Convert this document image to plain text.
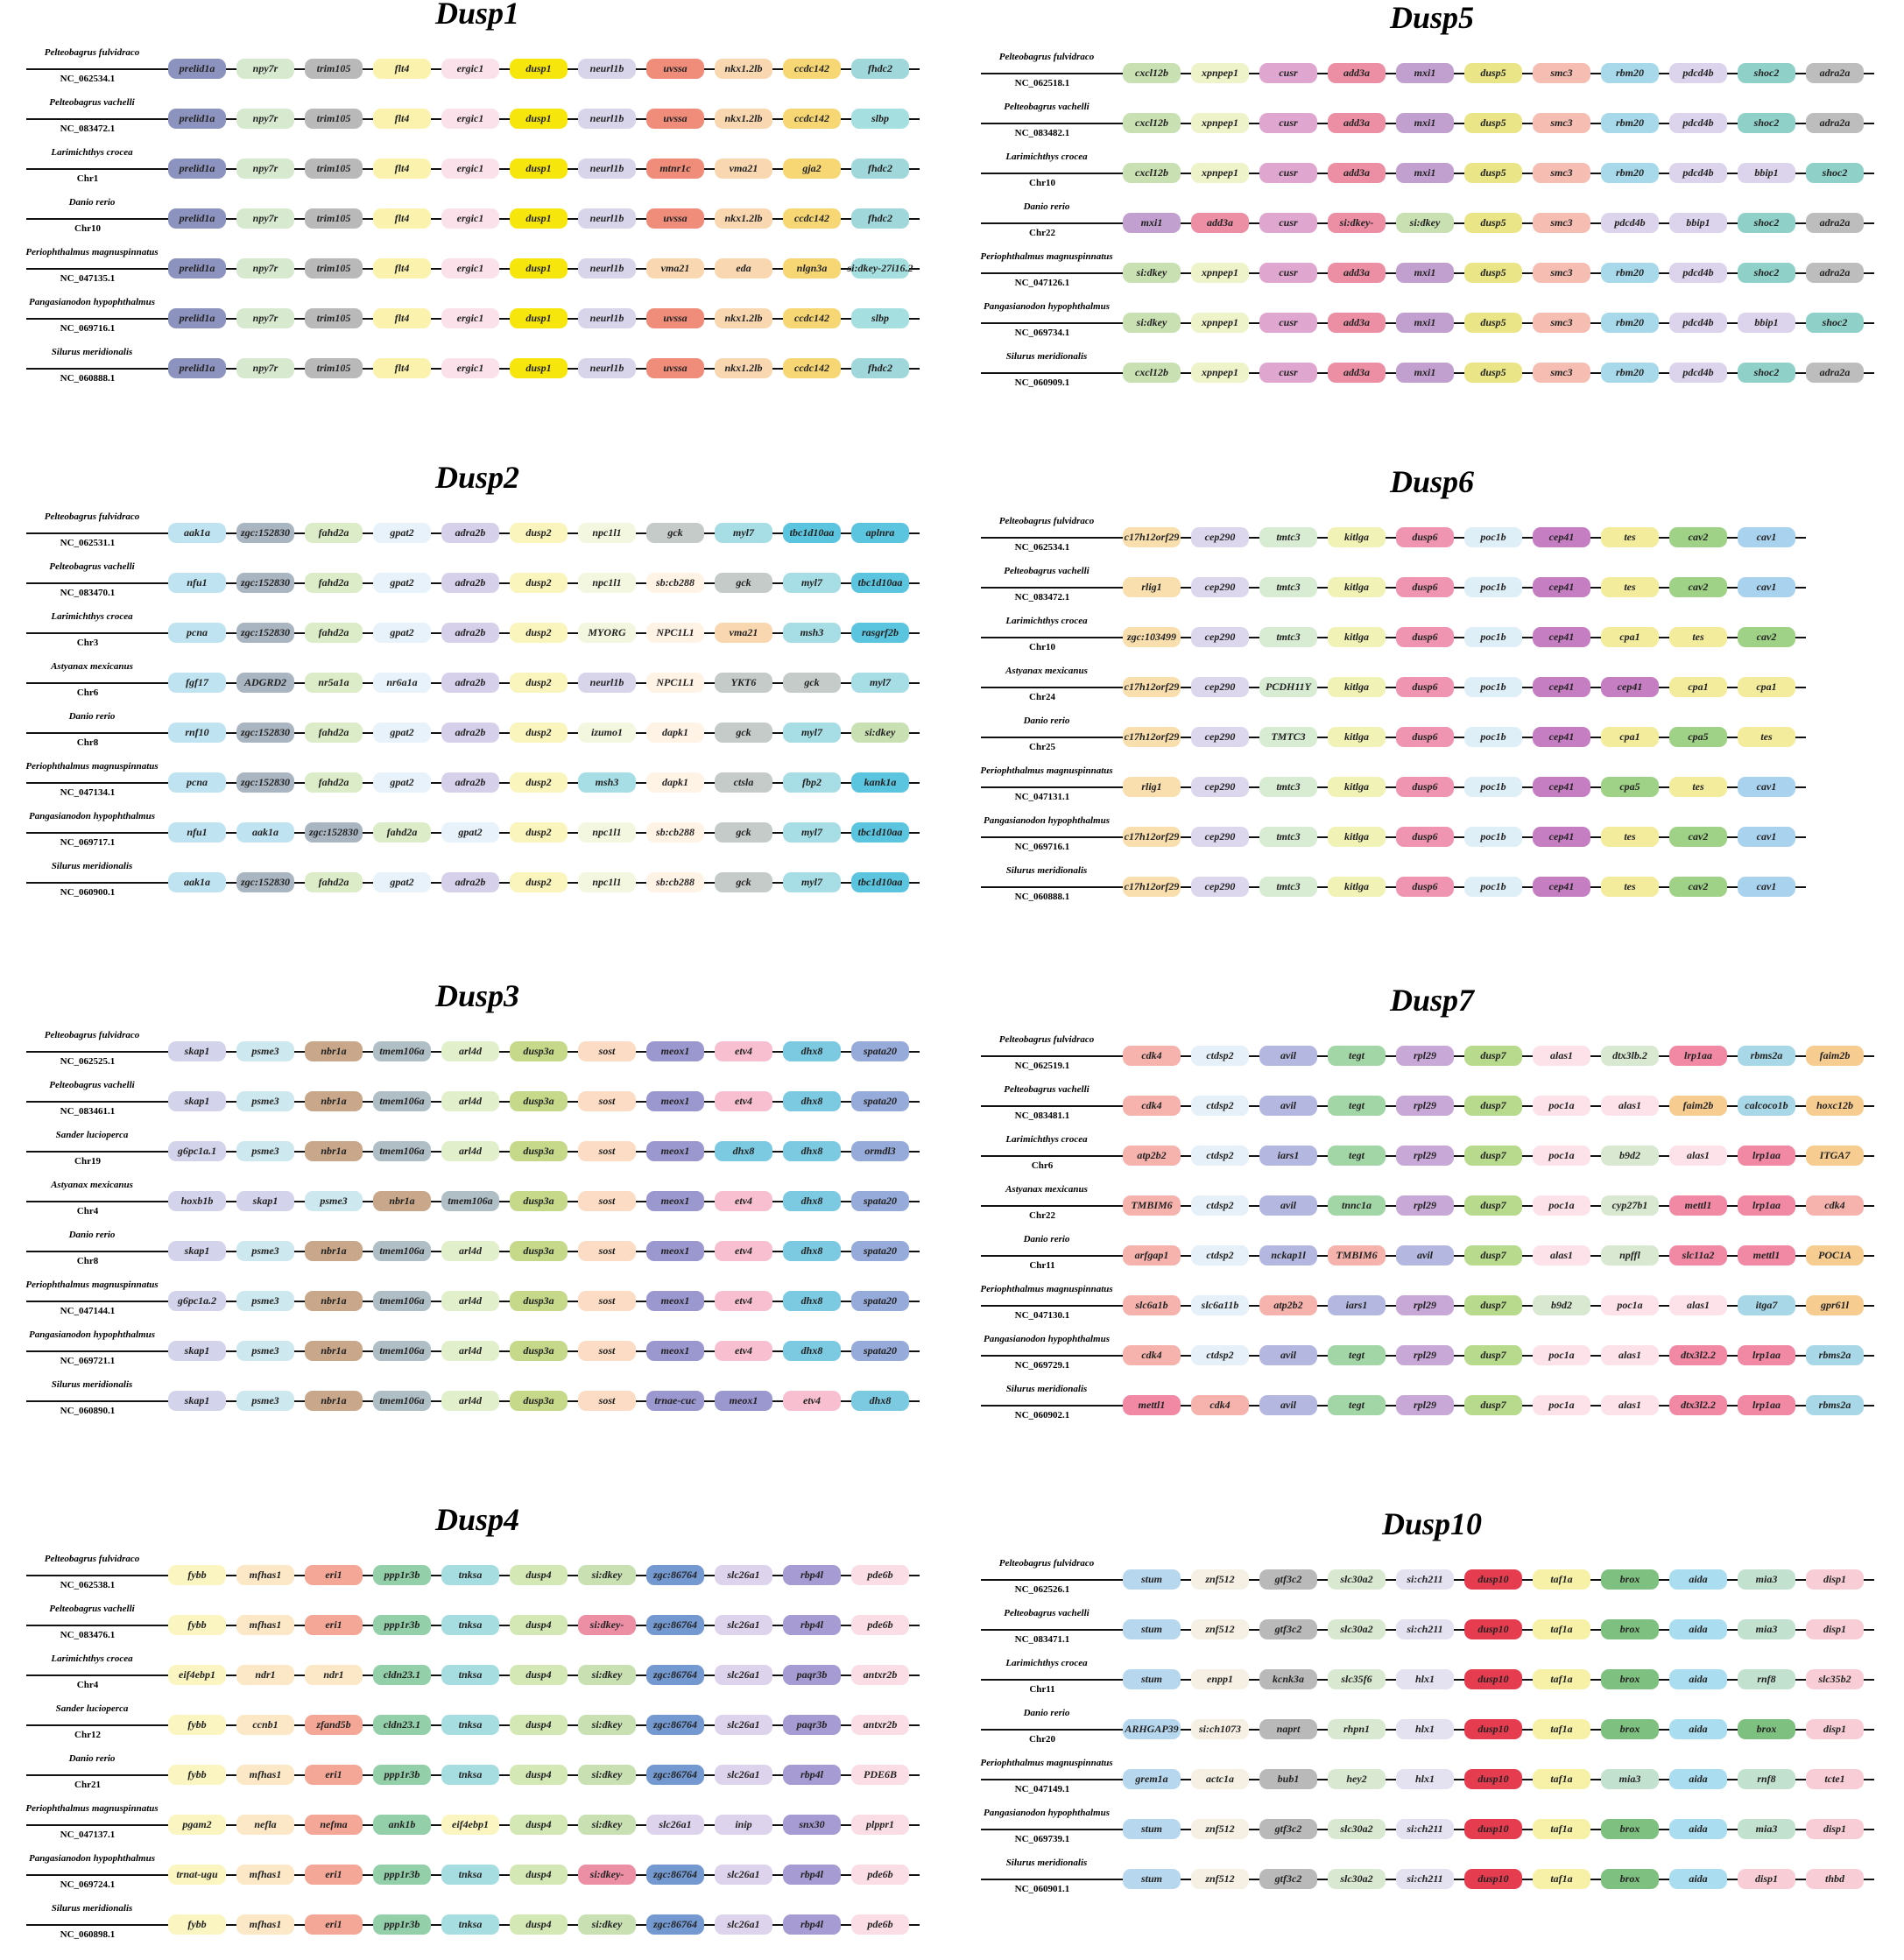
Dusp1
Pelteobagrus fulvidraco
NC_062534.1
prelid1a	npy7r	trim105	flt4	ergic1	dusp1	neurl1b	uvssa	nkx1.2lb	ccdc142	fhdc2
Pelteobagrus vachelli
NC_083472.1
prelid1a	npy7r	trim105	flt4	ergic1	dusp1	neurl1b	uvssa	nkx1.2lb	ccdc142	slbp
Larimichthys crocea
Chr1
prelid1a	npy7r	trim105	flt4	ergic1	dusp1	neurl1b	mtnr1c	vma21	gja2	fhdc2
Danio rerio
Chr10
prelid1a	npy7r	trim105	flt4	ergic1	dusp1	neurl1b	uvssa	nkx1.2lb	ccdc142	fhdc2
Periophthalmus magnuspinnatus
NC_047135.1
prelid1a	npy7r	trim105	flt4	ergic1	dusp1	neurl1b	vma21	eda	nlgn3a	si:dkey-27i16.2
Pangasianodon hypophthalmus
NC_069716.1
prelid1a	npy7r	trim105	flt4	ergic1	dusp1	neurl1b	uvssa	nkx1.2lb	ccdc142	slbp
Silurus meridionalis
NC_060888.1
prelid1a	npy7r	trim105	flt4	ergic1	dusp1	neurl1b	uvssa	nkx1.2lb	ccdc142	fhdc2
Dusp5
Pelteobagrus fulvidraco
NC_062518.1
cxcl12b	xpnpep1	cusr	add3a	mxi1	dusp5	smc3	rbm20	pdcd4b	shoc2	adra2a
Pelteobagrus vachelli
NC_083482.1
cxcl12b	xpnpep1	cusr	add3a	mxi1	dusp5	smc3	rbm20	pdcd4b	shoc2	adra2a
Larimichthys crocea
Chr10
cxcl12b	xpnpep1	cusr	add3a	mxi1	dusp5	smc3	rbm20	pdcd4b	bbip1	shoc2
Danio rerio
Chr22
mxi1	add3a	cusr	si:dkey-	si:dkey	dusp5	smc3	pdcd4b	bbip1	shoc2	adra2a
Periophthalmus magnuspinnatus
NC_047126.1
si:dkey	xpnpep1	cusr	add3a	mxi1	dusp5	smc3	rbm20	pdcd4b	shoc2	adra2a
Pangasianodon hypophthalmus
NC_069734.1
si:dkey	xpnpep1	cusr	add3a	mxi1	dusp5	smc3	rbm20	pdcd4b	bbip1	shoc2
Silurus meridionalis
NC_060909.1
cxcl12b	xpnpep1	cusr	add3a	mxi1	dusp5	smc3	rbm20	pdcd4b	shoc2	adra2a
Dusp2
Pelteobagrus fulvidraco
NC_062531.1
aak1a	zgc:152830	fahd2a	gpat2	adra2b	dusp2	npc1l1	gck	myl7	tbc1d10aa	aplnra
Pelteobagrus vachelli
NC_083470.1
nfu1	zgc:152830	fahd2a	gpat2	adra2b	dusp2	npc1l1	sb:cb288	gck	myl7	tbc1d10aa
Larimichthys crocea
Chr3
pcna	zgc:152830	fahd2a	gpat2	adra2b	dusp2	MYORG	NPC1L1	vma21	msh3	rasgrf2b
Astyanax mexicanus
Chr6
fgf17	ADGRD2	nr5a1a	nr6a1a	adra2b	dusp2	neurl1b	NPC1L1	YKT6	gck	myl7
Danio rerio
Chr8
rnf10	zgc:152830	fahd2a	gpat2	adra2b	dusp2	izumo1	dapk1	gck	myl7	si:dkey
Periophthalmus magnuspinnatus
NC_047134.1
pcna	zgc:152830	fahd2a	gpat2	adra2b	dusp2	msh3	dapk1	ctsla	fbp2	kank1a
Pangasianodon hypophthalmus
NC_069717.1
nfu1	aak1a	zgc:152830	fahd2a	gpat2	dusp2	npc1l1	sb:cb288	gck	myl7	tbc1d10aa
Silurus meridionalis
NC_060900.1
aak1a	zgc:152830	fahd2a	gpat2	adra2b	dusp2	npc1l1	sb:cb288	gck	myl7	tbc1d10aa
Dusp6
Pelteobagrus fulvidraco
NC_062534.1
c17h12orf29	cep290	tmtc3	kitlga	dusp6	poc1b	cep41	tes	cav2	cav1
Pelteobagrus vachelli
NC_083472.1
rlig1	cep290	tmtc3	kitlga	dusp6	poc1b	cep41	tes	cav2	cav1
Larimichthys crocea
Chr10
zgc:103499	cep290	tmtc3	kitlga	dusp6	poc1b	cep41	cpa1	tes	cav2
Astyanax mexicanus
Chr24
c17h12orf29	cep290	PCDH11Y	kitlga	dusp6	poc1b	cep41	cep41	cpa1	cpa1
Danio rerio
Chr25
c17h12orf29	cep290	TMTC3	kitlga	dusp6	poc1b	cep41	cpa1	cpa5	tes
Periophthalmus magnuspinnatus
NC_047131.1
rlig1	cep290	tmtc3	kitlga	dusp6	poc1b	cep41	cpa5	tes	cav1
Pangasianodon hypophthalmus
NC_069716.1
c17h12orf29	cep290	tmtc3	kitlga	dusp6	poc1b	cep41	tes	cav2	cav1
Silurus meridionalis
NC_060888.1
c17h12orf29	cep290	tmtc3	kitlga	dusp6	poc1b	cep41	tes	cav2	cav1
Dusp3
Pelteobagrus fulvidraco
NC_062525.1
skap1	psme3	nbr1a	tmem106a	arl4d	dusp3a	sost	meox1	etv4	dhx8	spata20
Pelteobagrus vachelli
NC_083461.1
skap1	psme3	nbr1a	tmem106a	arl4d	dusp3a	sost	meox1	etv4	dhx8	spata20
Sander lucioperca
Chr19
g6pc1a.1	psme3	nbr1a	tmem106a	arl4d	dusp3a	sost	meox1	dhx8	dhx8	ormdl3
Astyanax mexicanus
Chr4
hoxb1b	skap1	psme3	nbr1a	tmem106a	dusp3a	sost	meox1	etv4	dhx8	spata20
Danio rerio
Chr8
skap1	psme3	nbr1a	tmem106a	arl4d	dusp3a	sost	meox1	etv4	dhx8	spata20
Periophthalmus magnuspinnatus
NC_047144.1
g6pc1a.2	psme3	nbr1a	tmem106a	arl4d	dusp3a	sost	meox1	etv4	dhx8	spata20
Pangasianodon hypophthalmus
NC_069721.1
skap1	psme3	nbr1a	tmem106a	arl4d	dusp3a	sost	meox1	etv4	dhx8	spata20
Silurus meridionalis
NC_060890.1
skap1	psme3	nbr1a	tmem106a	arl4d	dusp3a	sost	trnae-cuc	meox1	etv4	dhx8
Dusp7
Pelteobagrus fulvidraco
NC_062519.1
cdk4	ctdsp2	avil	tegt	rpl29	dusp7	alas1	dtx3lb.2	lrp1aa	rbms2a	faim2b
Pelteobagrus vachelli
NC_083481.1
cdk4	ctdsp2	avil	tegt	rpl29	dusp7	poc1a	alas1	faim2b	calcoco1b	hoxc12b
Larimichthys crocea
Chr6
atp2b2	ctdsp2	iars1	tegt	rpl29	dusp7	poc1a	b9d2	alas1	lrp1aa	ITGA7
Astyanax mexicanus
Chr22
TMBIM6	ctdsp2	avil	tnnc1a	rpl29	dusp7	poc1a	cyp27b1	mettl1	lrp1aa	cdk4
Danio rerio
Chr11
arfgap1	ctdsp2	nckap1l	TMBIM6	avil	dusp7	alas1	npffl	slc11a2	mettl1	POC1A
Periophthalmus magnuspinnatus
NC_047130.1
slc6a1b	slc6a11b	atp2b2	iars1	rpl29	dusp7	b9d2	poc1a	alas1	itga7	gpr61l
Pangasianodon hypophthalmus
NC_069729.1
cdk4	ctdsp2	avil	tegt	rpl29	dusp7	poc1a	alas1	dtx3l2.2	lrp1aa	rbms2a
Silurus meridionalis
NC_060902.1
mettl1	cdk4	avil	tegt	rpl29	dusp7	poc1a	alas1	dtx3l2.2	lrp1aa	rbms2a
Dusp4
Pelteobagrus fulvidraco
NC_062538.1
fybb	mfhas1	eri1	ppp1r3b	tnksa	dusp4	si:dkey	zgc:86764	slc26a1	rbp4l	pde6b
Pelteobagrus vachelli
NC_083476.1
fybb	mfhas1	eri1	ppp1r3b	tnksa	dusp4	si:dkey-	zgc:86764	slc26a1	rbp4l	pde6b
Larimichthys crocea
Chr4
eif4ebp1	ndr1	ndr1	cldn23.1	tnksa	dusp4	si:dkey	zgc:86764	slc26a1	paqr3b	antxr2b
Sander lucioperca
Chr12
fybb	ccnb1	zfand5b	cldn23.1	tnksa	dusp4	si:dkey	zgc:86764	slc26a1	paqr3b	antxr2b
Danio rerio
Chr21
fybb	mfhas1	eri1	ppp1r3b	tnksa	dusp4	si:dkey	zgc:86764	slc26a1	rbp4l	PDE6B
Periophthalmus magnuspinnatus
NC_047137.1
pgam2	nefla	nefma	ank1b	eif4ebp1	dusp4	si:dkey	slc26a1	inip	snx30	plppr1
Pangasianodon hypophthalmus
NC_069724.1
trnat-ugu	mfhas1	eri1	ppp1r3b	tnksa	dusp4	si:dkey-	zgc:86764	slc26a1	rbp4l	pde6b
Silurus meridionalis
NC_060898.1
fybb	mfhas1	eri1	ppp1r3b	tnksa	dusp4	si:dkey	zgc:86764	slc26a1	rbp4l	pde6b
Dusp10
Pelteobagrus fulvidraco
NC_062526.1
stum	znf512	gtf3c2	slc30a2	si:ch211	dusp10	taf1a	brox	aida	mia3	disp1
Pelteobagrus vachelli
NC_083471.1
stum	znf512	gtf3c2	slc30a2	si:ch211	dusp10	taf1a	brox	aida	mia3	disp1
Larimichthys crocea
Chr11
stum	enpp1	kcnk3a	slc35f6	hlx1	dusp10	taf1a	brox	aida	rnf8	slc35b2
Danio rerio
Chr20
ARHGAP39	si:ch1073	naprt	rhpn1	hlx1	dusp10	taf1a	brox	aida	brox	disp1
Periophthalmus magnuspinnatus
NC_047149.1
grem1a	actc1a	bub1	hey2	hlx1	dusp10	taf1a	mia3	aida	rnf8	tcte1
Pangasianodon hypophthalmus
NC_069739.1
stum	znf512	gtf3c2	slc30a2	si:ch211	dusp10	taf1a	brox	aida	mia3	disp1
Silurus meridionalis
NC_060901.1
stum	znf512	gtf3c2	slc30a2	si:ch211	dusp10	taf1a	brox	aida	disp1	thbd
